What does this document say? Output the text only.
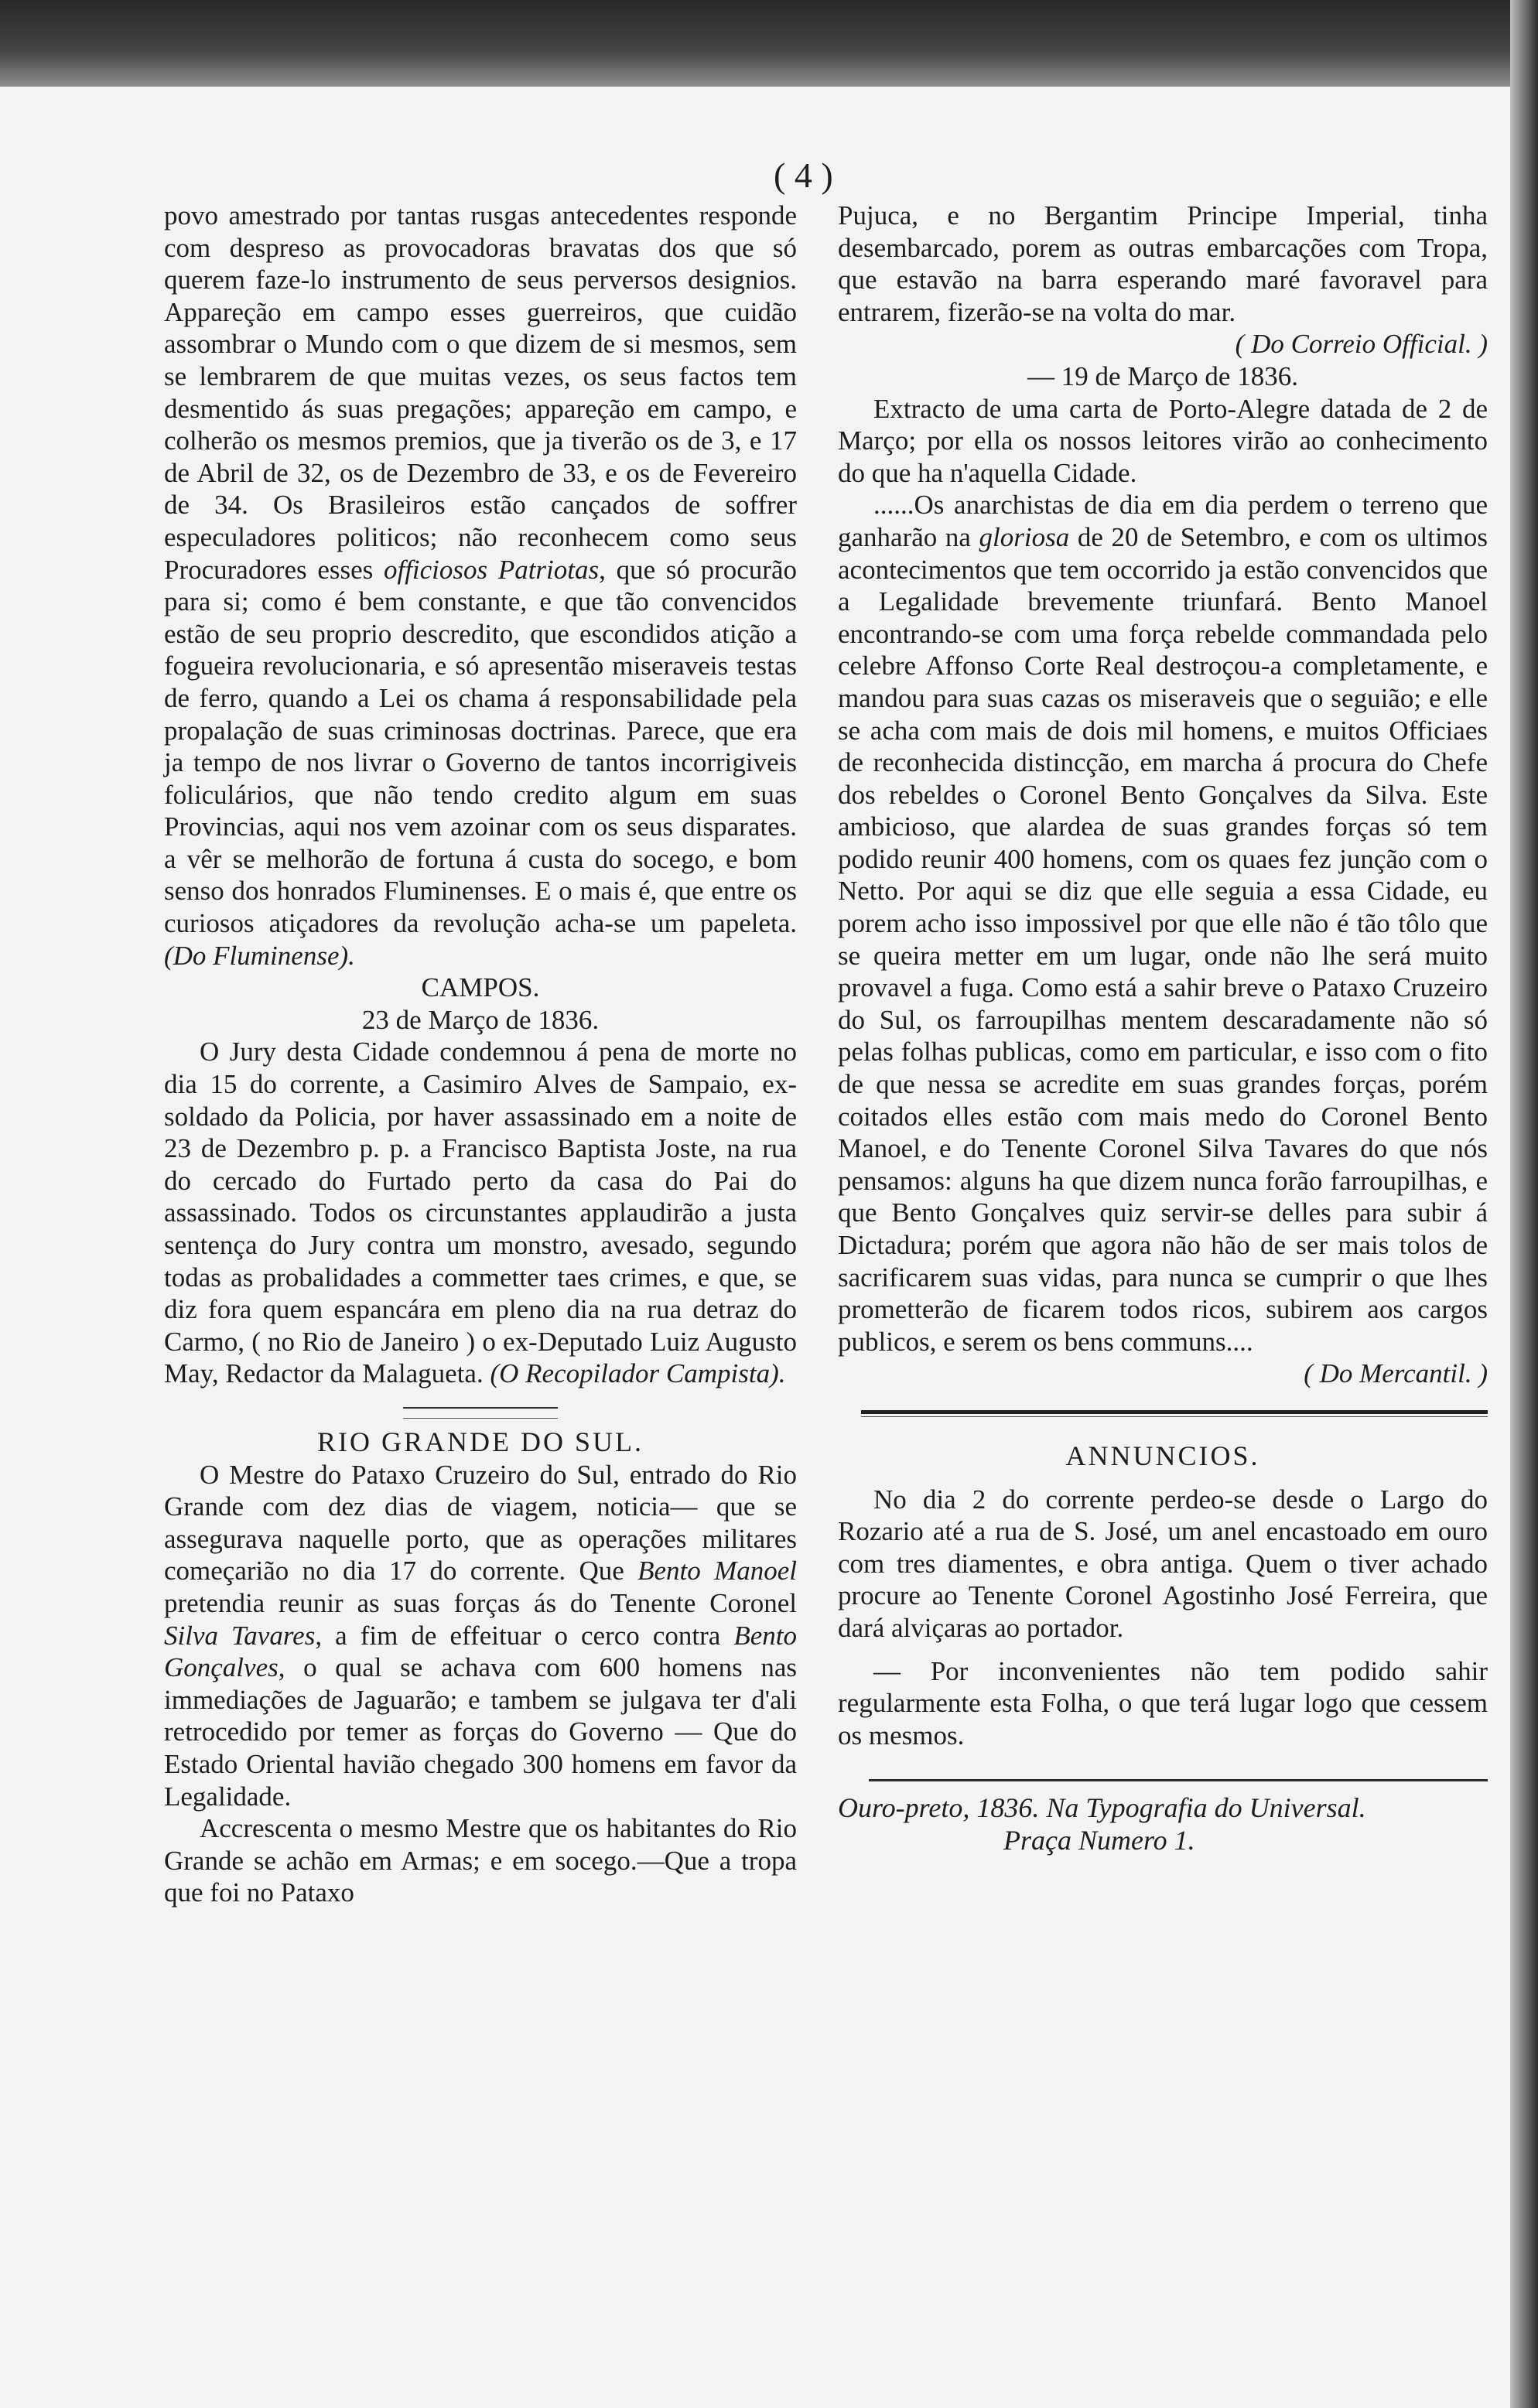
( 4 )

povo amestrado por tantas rusgas antecedentes responde com despreso as provocadoras bravatas dos que só querem faze-lo instrumento de seus perversos designios. Appareção em campo esses guerreiros, que cuidão assombrar o Mundo com o que dizem de si mesmos, sem se lembrarem de que muitas vezes, os seus factos tem desmentido ás suas pregações; appareção em campo, e colherão os mesmos premios, que ja tiverão os de 3, e 17 de Abril de 32, os de Dezembro de 33, e os de Fevereiro de 34. Os Brasileiros estão cançados de soffrer especuladores politicos; não reconhecem como seus Procuradores esses officiosos Patriotas, que só procurão para si; como é bem constante, e que tão convencidos estão de seu proprio descredito, que escondidos atição a fogueira revolucionaria, e só apresentão miseraveis testas de ferro, quando a Lei os chama á responsabilidade pela propalação de suas criminosas doctrinas. Parece, que era ja tempo de nos livrar o Governo de tantos incorrigiveis foliculários, que não tendo credito algum em suas Provincias, aqui nos vem azoinar com os seus disparates. a vêr se melhorão de fortuna á custa do socego, e bom senso dos honrados Fluminenses. E o mais é, que entre os curiosos atiçadores da revolução acha-se um papeleta. (Do Fluminense).

CAMPOS.

23 de Março de 1836.

O Jury desta Cidade condemnou á pena de morte no dia 15 do corrente, a Casimiro Alves de Sampaio, ex-soldado da Policia, por haver assassinado em a noite de 23 de Dezembro p. p. a Francisco Baptista Joste, na rua do cercado do Furtado perto da casa do Pai do assassinado. Todos os circunstantes applaudirão a justa sentença do Jury contra um monstro, avesado, segundo todas as probalidades a commetter taes crimes, e que, se diz fora quem espancára em pleno dia na rua detraz do Carmo, ( no Rio de Janeiro ) o ex-Deputado Luiz Augusto May, Redactor da Malagueta. (O Recopilador Campista).

RIO GRANDE DO SUL.

O Mestre do Pataxo Cruzeiro do Sul, entrado do Rio Grande com dez dias de viagem, noticia— que se assegurava naquelle porto, que as operações militares começarião no dia 17 do corrente. Que Bento Manoel pretendia reunir as suas forças ás do Tenente Coronel Silva Tavares, a fim de effeituar o cerco contra Bento Gonçalves, o qual se achava com 600 homens nas immediações de Jaguarão; e tambem se julgava ter d'ali retrocedido por temer as forças do Governo — Que do Estado Oriental havião chegado 300 homens em favor da Legalidade.

Accrescenta o mesmo Mestre que os habitantes do Rio Grande se achão em Armas; e em socego.—Que a tropa que foi no Pataxo

Pujuca, e no Bergantim Principe Imperial, tinha desembarcado, porem as outras embarcações com Tropa, que estavão na barra esperando maré favoravel para entrarem, fizerão-se na volta do mar.

( Do Correio Official. )

— 19 de Março de 1836.

Extracto de uma carta de Porto-Alegre datada de 2 de Março; por ella os nossos leitores virão ao conhecimento do que ha n'aquella Cidade.

......Os anarchistas de dia em dia perdem o terreno que ganharão na gloriosa de 20 de Setembro, e com os ultimos acontecimentos que tem occorrido ja estão convencidos que a Legalidade brevemente triunfará. Bento Manoel encontrando-se com uma força rebelde commandada pelo celebre Affonso Corte Real destroçou-a completamente, e mandou para suas cazas os miseraveis que o seguião; e elle se acha com mais de dois mil homens, e muitos Officiaes de reconhecida distincção, em marcha á procura do Chefe dos rebeldes o Coronel Bento Gonçalves da Silva. Este ambicioso, que alardea de suas grandes forças só tem podido reunir 400 homens, com os quaes fez junção com o Netto. Por aqui se diz que elle seguia a essa Cidade, eu porem acho isso impossivel por que elle não é tão tôlo que se queira metter em um lugar, onde não lhe será muito provavel a fuga. Como está a sahir breve o Pataxo Cruzeiro do Sul, os farroupilhas mentem descaradamente não só pelas folhas publicas, como em particular, e isso com o fito de que nessa se acredite em suas grandes forças, porém coitados elles estão com mais medo do Coronel Bento Manoel, e do Tenente Coronel Silva Tavares do que nós pensamos: alguns ha que dizem nunca forão farroupilhas, e que Bento Gonçalves quiz servir-se delles para subir á Dictadura; porém que agora não hão de ser mais tolos de sacrificarem suas vidas, para nunca se cumprir o que lhes prometterão de ficarem todos ricos, subirem aos cargos publicos, e serem os bens communs....

( Do Mercantil. )

ANNUNCIOS.

No dia 2 do corrente perdeo-se desde o Largo do Rozario até a rua de S. José, um anel encastoado em ouro com tres diamentes, e obra antiga. Quem o tiver achado procure ao Tenente Coronel Agostinho José Ferreira, que dará alviçaras ao portador.

— Por inconvenientes não tem podido sahir regularmente esta Folha, o que terá lugar logo que cessem os mesmos.

Ouro-preto, 1836. Na Typografia do Universal.

Praça Numero 1.
